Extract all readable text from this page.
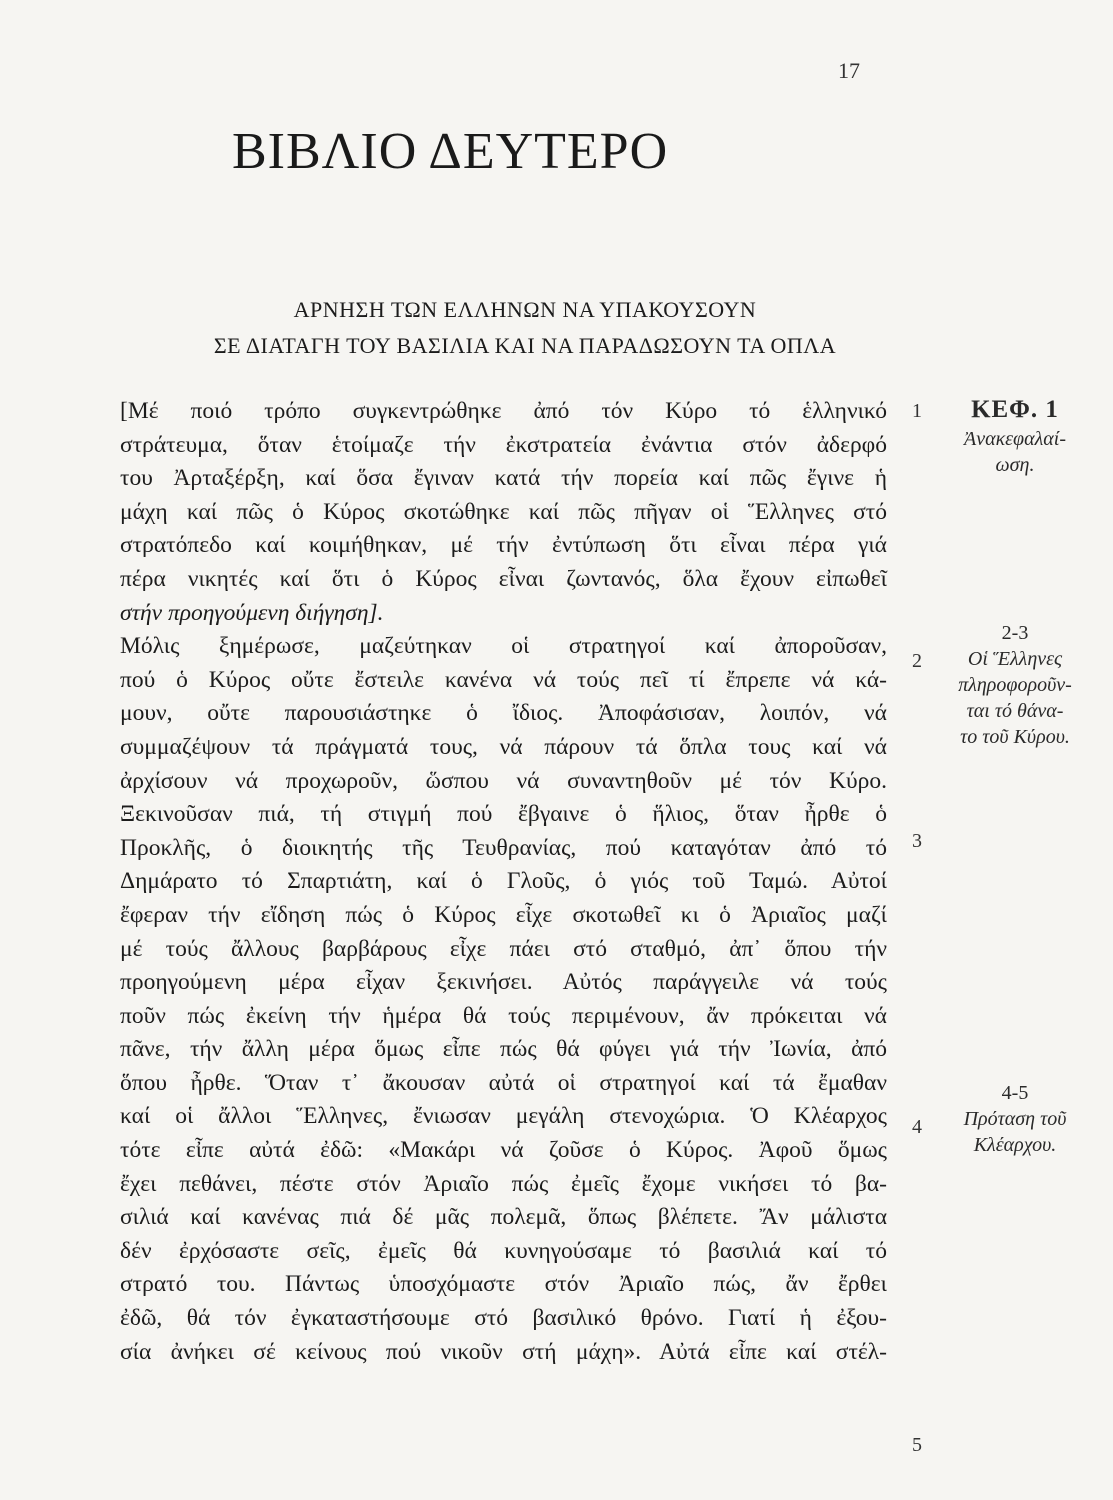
17
ΒΙΒΛΙΟ ΔΕΥΤΕΡΟ
ΑΡΝΗΣΗ ΤΩΝ ΕΛΛΗΝΩΝ ΝΑ ΥΠΑΚΟΥΣΟΥΝ
ΣΕ ΔΙΑΤΑΓΗ ΤΟΥ ΒΑΣΙΛΙΑ ΚΑΙ ΝΑ ΠΑΡΑΔΩΣΟΥΝ ΤΑ ΟΠΛΑ
[Μέ ποιό τρόπο συγκεντρώθηκε ἀπό τόν Κύρο τό ἑλληνικό
στράτευμα, ὅταν ἑτοίμαζε τήν ἐκστρατεία ἐνάντια στόν ἀδερφό
του Ἀρταξέρξη, καί ὅσα ἔγιναν κατά τήν πορεία καί πῶς ἔγινε ἡ
μάχη καί πῶς ὁ Κύρος σκοτώθηκε καί πῶς πῆγαν οἱ Ἕλληνες στό
στρατόπεδο καί κοιμήθηκαν, μέ τήν ἐντύπωση ὅτι εἶναι πέρα γιά
πέρα νικητές καί ὅτι ὁ Κύρος εἶναι ζωντανός, ὅλα ἔχουν εἰπωθεῖ
στήν προηγούμενη διήγηση].
Μόλις ξημέρωσε, μαζεύτηκαν οἱ στρατηγοί καί ἀποροῦσαν,
πού ὁ Κύρος οὔτε ἔστειλε κανένα νά τούς πεῖ τί ἔπρεπε νά κά-
μουν, οὔτε παρουσιάστηκε ὁ ἴδιος. Ἀποφάσισαν, λοιπόν, νά
συμμαζέψουν τά πράγματά τους, νά πάρουν τά ὅπλα τους καί νά
ἀρχίσουν νά προχωροῦν, ὥσπου νά συναντηθοῦν μέ τόν Κύρο.
Ξεκινοῦσαν πιά, τή στιγμή πού ἔβγαινε ὁ ἥλιος, ὅταν ἦρθε ὁ
Προκλῆς, ὁ διοικητής τῆς Τευθρανίας, πού καταγόταν ἀπό τό
Δημάρατο τό Σπαρτιάτη, καί ὁ Γλοῦς, ὁ γιός τοῦ Ταμώ. Αὐτοί
ἔφεραν τήν εἴδηση πώς ὁ Κύρος εἶχε σκοτωθεῖ κι ὁ Ἀριαῖος μαζί
μέ τούς ἄλλους βαρβάρους εἶχε πάει στό σταθμό, ἀπ᾽ ὅπου τήν
προηγούμενη μέρα εἶχαν ξεκινήσει. Αὐτός παράγγειλε νά τούς
ποῦν πώς ἐκείνη τήν ἡμέρα θά τούς περιμένουν, ἄν πρόκειται νά
πᾶνε, τήν ἄλλη μέρα ὅμως εἶπε πώς θά φύγει γιά τήν Ἰωνία, ἀπό
ὅπου ἦρθε. Ὅταν τ᾽ ἄκουσαν αὐτά οἱ στρατηγοί καί τά ἔμαθαν
καί οἱ ἄλλοι Ἕλληνες, ἔνιωσαν μεγάλη στενοχώρια. Ὁ Κλέαρχος
τότε εἶπε αὐτά ἐδῶ: «Μακάρι νά ζοῦσε ὁ Κύρος. Ἀφοῦ ὅμως
ἔχει πεθάνει, πέστε στόν Ἀριαῖο πώς ἐμεῖς ἔχομε νικήσει τό βα-
σιλιά καί κανένας πιά δέ μᾶς πολεμᾶ, ὅπως βλέπετε. Ἄν μάλιστα
δέν ἐρχόσαστε σεῖς, ἐμεῖς θά κυνηγούσαμε τό βασιλιά καί τό
στρατό του. Πάντως ὑποσχόμαστε στόν Ἀριαῖο πώς, ἄν ἔρθει
ἐδῶ, θά τόν ἐγκαταστήσουμε στό βασιλικό θρόνο. Γιατί ἡ ἐξου-
σία ἀνήκει σέ κείνους πού νικοῦν στή μάχη». Αὐτά εἶπε καί στέλ-
1
2
3
4
5
ΚΕΦ. 1
Ἀνακεφαλαί-
ωση.
2-3
Οἱ Ἕλληνες
πληροφοροῦν-
ται τό θάνα-
το τοῦ Κύρου.
4-5
Πρόταση τοῦ
Κλέαρχου.
